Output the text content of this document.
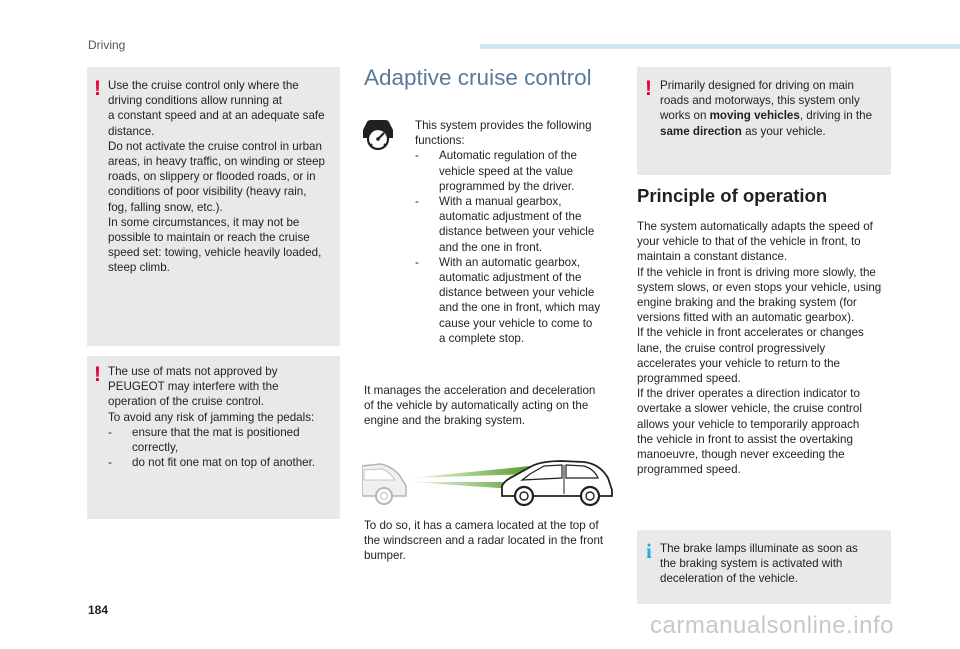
Driving
! Use the cruise control only where the
driving conditions allow running at
a constant speed and at an adequate safe
distance.
Do not activate the cruise control in urban
areas, in heavy traffic, on winding or steep
roads, on slippery or flooded roads, or in
conditions of poor visibility (heavy rain,
fog, falling snow, etc.).
In some circumstances, it may not be
possible to maintain or reach the cruise
speed set: towing, vehicle heavily loaded,
steep climb.
! The use of mats not approved by
PEUGEOT may interfere with the
operation of the cruise control.
To avoid any risk of jamming the pedals:
- ensure that the mat is positioned
correctly,
- do not fit one mat on top of another.
Adaptive cruise control
This system provides the following
functions:
- Automatic regulation of the
vehicle speed at the value
programmed by the driver.
- With a manual gearbox,
automatic adjustment of the
distance between your vehicle
and the one in front.
- With an automatic gearbox,
automatic adjustment of the
distance between your vehicle
and the one in front, which may
cause your vehicle to come to
a complete stop.
It manages the acceleration and deceleration
of the vehicle by automatically acting on the
engine and the braking system.
To do so, it has a camera located at the top of
the windscreen and a radar located in the front
bumper.
! Primarily designed for driving on main
roads and motorways, this system only
works on moving vehicles, driving in the
same direction as your vehicle.
Principle of operation
The system automatically adapts the speed of
your vehicle to that of the vehicle in front, to
maintain a constant distance.
If the vehicle in front is driving more slowly, the
system slows, or even stops your vehicle, using
engine braking and the braking system (for
versions fitted with an automatic gearbox).
If the vehicle in front accelerates or changes
lane, the cruise control progressively
accelerates your vehicle to return to the
programmed speed.
If the driver operates a direction indicator to
overtake a slower vehicle, the cruise control
allows your vehicle to temporarily approach
the vehicle in front to assist the overtaking
manoeuvre, though never exceeding the
programmed speed.
i The brake lamps illuminate as soon as
the braking system is activated with
deceleration of the vehicle.
184
carmanualsonline.info
